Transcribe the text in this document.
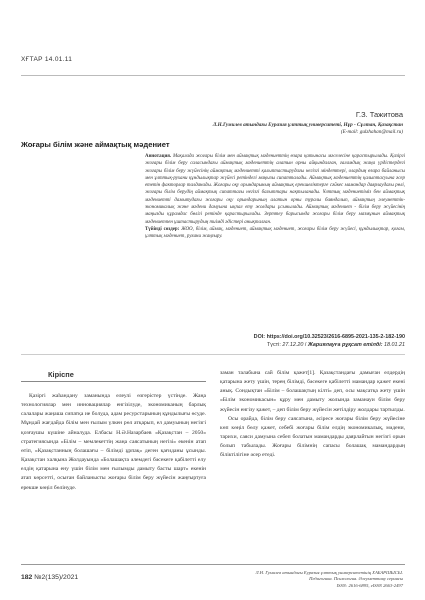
ХҒТАР 14.01.11
Г.З. Тажитова
Л.Н.Гумилев атындағы Еуразия ұлттық университеті, Нұр - Сұлтан, Қазақстан
(E-mail: gulzhahan@mail.ru)
Жоғары білім және аймақтық мәдениет
Аннотация. Мақалада жоғары білім мен аймақтық мәдениеттің өзара қатынасы мәселесіне қарастырылады. Қазіргі жоғары білім беру саласындағы аймақтық мәдениеттің алатын орны айқындалған, ғаламдық жаңа үрдістердегі жоғары білім беру жүйесінің аймақтық мәдениетті қалыптастырудағы негізгі міндеттері, олардың өзара байланысы мен ұлттық-рухани құндылықтар жүйесі ретіндегі маңызы сипатталады. Аймақтық мәдениеттің қалыптасуына әсер ететін факторлар талданады. Жоғары оқу орындарының аймақтық ерекшеліктерге сәйкес мамандар даярлаудағы рөлі, жоғары білім берудің аймақтық сипаттағы негізгі бағыттары нақтыланады. Ұлттық мәдениетіміз бен аймақтық мәдениетті дамытудағы жоғары оқу орындарының алатын орны туралы баяндалып, аймақтың әлеуметтік-экономикалық және мәдени дамуына ықпал ету жолдары ұсынылады. Аймақтық мәдениет - білім беру жүйесінің маңызды құрамдас бөлігі ретінде қарастырылады. Зерттеу барысында жоғары білім беру мазмұнын аймақтық мәдениетпен ұштастырудың тиімді әдістері анықталған.
Түйінді сөздер: ЖОО, білім, аймақ, мәдениет, аймақтық мәдениет, жоғары білім беру жүйесі, құндылықтар, қоғам, ұлттық мәдениет, рухани жаңғыру.
DOI: https://doi.org/10.32523/2616-6895-2021-135-2-182-190
Түсті: 27.12.20 / Жариялауға рұқсат етілді: 18.01.21
Кіріспе

Қазіргі жаһандану заманында елеулі өзгерістер үстінде. Жаңа технологиялар мен инновациялар енгізілуде, экономиканың барлық салалары жаңаша сипатқа ие болуда, адам ресурстарының құндылығы өсуде. Мұндай жағдайда білім мен ғылым үлкен рөл атқарып, ел дамуының негізгі қозғаушы күшіне айналуда. Елбасы Н.Ә.Назарбаев «Қазақстан – 2050» стратегиясында «Білім – мемлекеттің жаңа саясатының негізі» екенін атап өтіп, «Қазақстанның болашағы – білімді ұрпақ» деген қағиданы ұсынды. Қазақстан халқына Жолдауында «Болашақта әлемдегі бәсекеге қабілетті елу елдің қатарына ену үшін білім мен ғылымды дамыту басты шарт» екенін атап көрсетті, осыған байланысты жоғары білім беру жүйесін жаңғыртуға ерекше көңіл бөлінуде.

заман талабына сай білім қажет[1]. Қазақстандағы дамыған елдердің қатарына жету үшін, терең білімді, бәсекеге қабілетті мамандар қажет екені анық. Сондықтан «Білім – болашақтың кілті» деп, осы мақсатқа жету үшін «Білім экономикасын» құру мен дамыту жолында заманауи білім беру жүйесін енгізу қажет, – деп білім беру жүйесін жетілдіру жолдары тартылды.

Осы орайда, білім беру саясатына, әсіресе жоғары білім беру жүйесіне көп көңіл бөлу қажет, себебі жоғары білім елдің экономикалық, мәдени, тарихи, саяси дамуына себеп болатын мамандарды даярлайтын негізгі орын болып табылады. Жоғары білімнің сапасы болашақ мамандардың біліктілігіне әсер етеді.

182 №2(135)/2021
Л.Н. Гумилев атындағы Еуразия ұлттық университетінің ХАБАРШЫСЫ.
Педагогика. Психология. Әлеуметтану сериясы
ISSN: 2616-6895, eISSN 2663-2497
